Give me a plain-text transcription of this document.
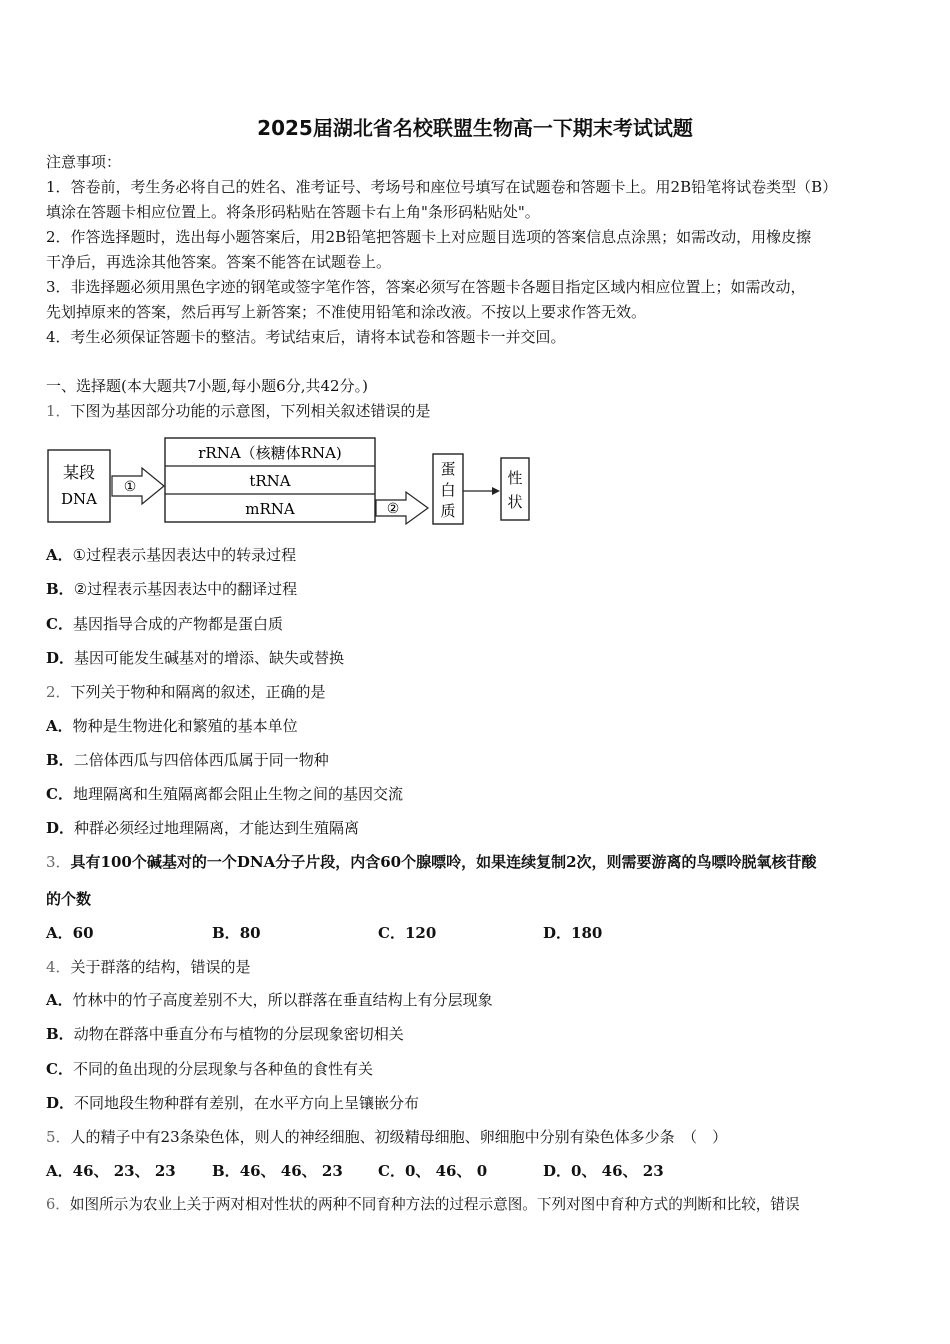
2025届湖北省名校联盟生物高一下期末考试试题
注意事项：
1．答卷前，考生务必将自己的姓名、准考证号、考场号和座位号填写在试题卷和答题卡上。用2B铅笔将试卷类型（B）
填涂在答题卡相应位置上。将条形码粘贴在答题卡右上角"条形码粘贴处"。
2．作答选择题时，选出每小题答案后，用2B铅笔把答题卡上对应题目选项的答案信息点涂黑；如需改动，用橡皮擦
干净后，再选涂其他答案。答案不能答在试题卷上。
3．非选择题必须用黑色字迹的钢笔或签字笔作答，答案必须写在答题卡各题目指定区域内相应位置上；如需改动，
先划掉原来的答案，然后再写上新答案；不准使用铅笔和涂改液。不按以上要求作答无效。
4．考生必须保证答题卡的整洁。考试结束后，请将本试卷和答题卡一并交回。
一、选择题(本大题共7小题,每小题6分,共42分。)
1．下图为基因部分功能的示意图，下列相关叙述错误的是
某段
DNA
①
rRNA（核糖体RNA)
tRNA
mRNA	②
蛋
白
质
性
状
A．①过程表示基因表达中的转录过程
B．②过程表示基因表达中的翻译过程
C．基因指导合成的产物都是蛋白质
D．基因可能发生碱基对的增添、缺失或替换
2．下列关于物种和隔离的叙述，正确的是
A．物种是生物进化和繁殖的基本单位
B．二倍体西瓜与四倍体西瓜属于同一物种
C．地理隔离和生殖隔离都会阻止生物之间的基因交流
D．种群必须经过地理隔离，才能达到生殖隔离
3．具有100个碱基对的一个DNA分子片段，内含60个腺嘌呤，如果连续复制2次，则需要游离的鸟嘌呤脱氧核苷酸
的个数
A．60	B．80	C．120	D．180
4．关于群落的结构，错误的是
A．竹林中的竹子高度差别不大，所以群落在垂直结构上有分层现象
B．动物在群落中垂直分布与植物的分层现象密切相关
C．不同的鱼出现的分层现象与各种鱼的食性有关
D．不同地段生物种群有差别，在水平方向上呈镶嵌分布
5．人的精子中有23条染色体，则人的神经细胞、初级精母细胞、卵细胞中分别有染色体多少条　（　）
A．46、 23、 23 B．46、 46、 23 C．0、 46、 0	D．0、 46、 23
6．如图所示为农业上关于两对相对性状的两种不同育种方法的过程示意图。下列对图中育种方式的判断和比较，错误
